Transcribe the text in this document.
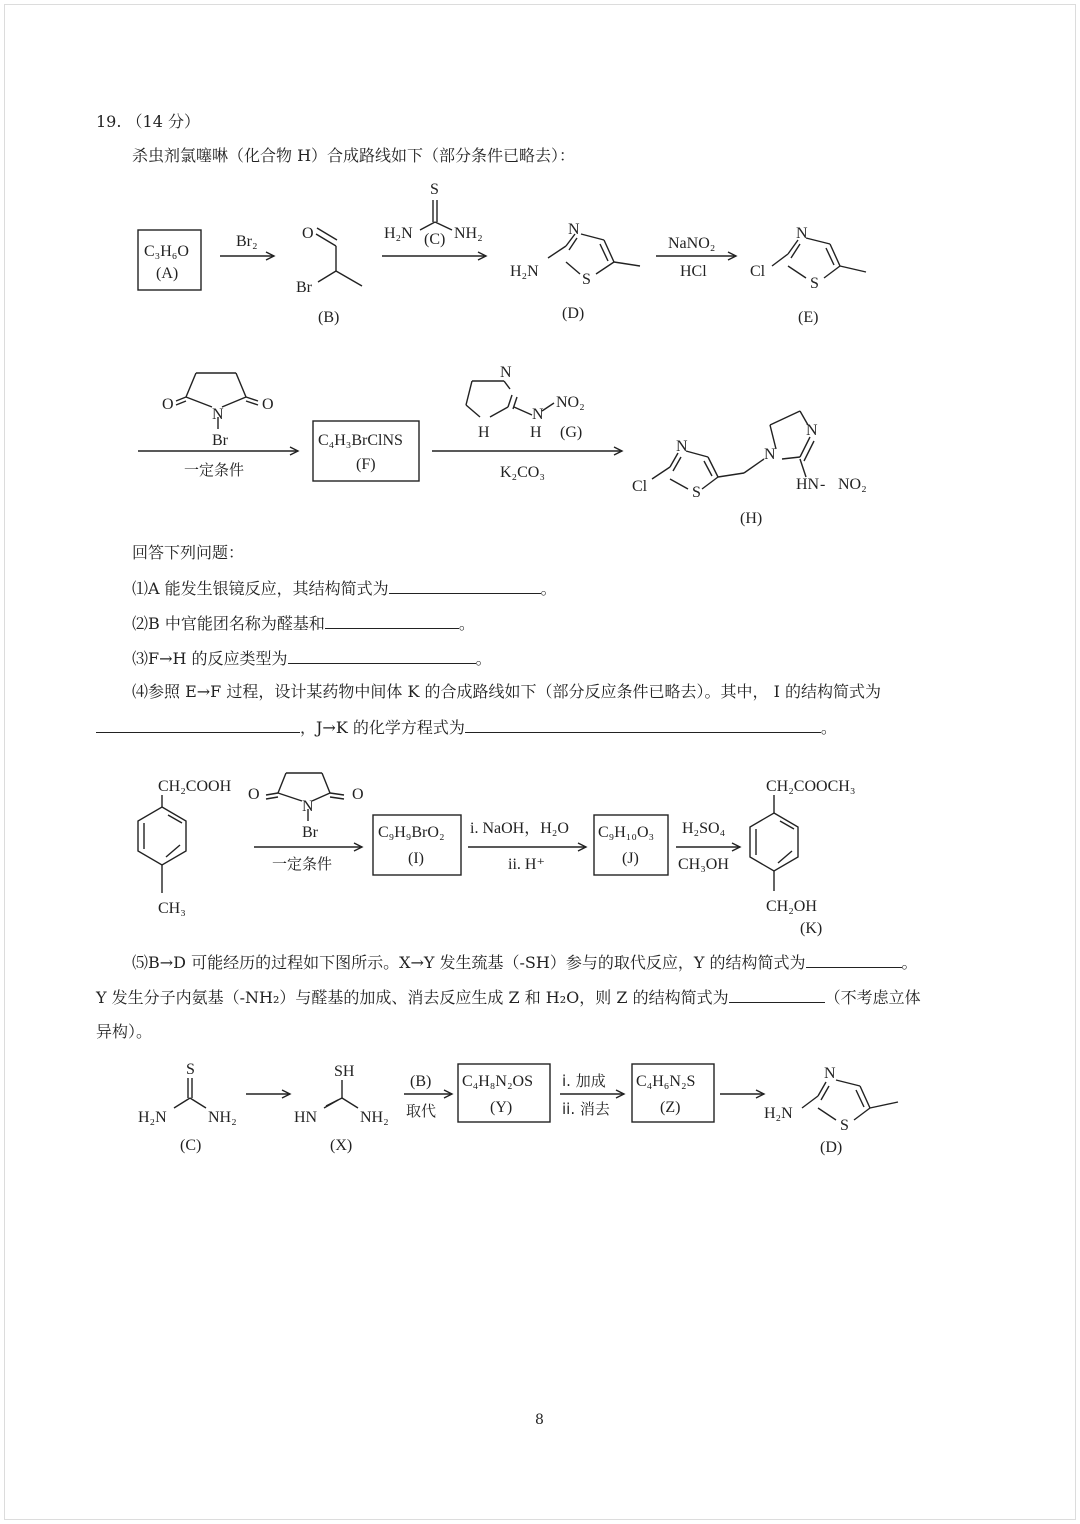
19. （14 分）
杀虫剂氯噻啉（化合物 H）合成路线如下（部分条件已略去）：
C₃H₆O
(A)
Br₂	O
Br
(B)
S
H₂N	NH₂
(C)
N
S
H₂N
(D)
NaNO₂
HCl
N
S
Cl
(E)
O	O
N
Br
一定条件
C₄H₃BrClNS
(F)
N
H	H
N
NO₂
(G)
K₂CO₃
N
S
Cl
N
N
HN NO₂
(H)
-
回答下列问题：
⑴A 能发生银镜反应，其结构简式为	。
⑵B 中官能团名称为醛基和	。
⑶F→H 的反应类型为	。
⑷参照 E→F 过程，设计某药物中间体 K 的合成路线如下（部分反应条件已略去）。其中， I 的结构简式为
，J→K 的化学方程式为	。
CH₂COOH
CH₃
O	O
N
Br
一定条件
C₉H₉BrO₂
(I)
i. NaOH，H₂O
ii. H⁺
C₉H₁₀O₃
(J)
H₂SO₄
CH₃OH
CH₂COOCH₃
CH₂OH
(K)
⑸B→D 可能经历的过程如下图所示。X→Y 发生巯基（-SH）参与的取代反应，Y 的结构简式为	。
Y 发生分子内氨基（-NH₂）与醛基的加成、消去反应生成 Z 和 H₂O，则 Z 的结构简式为	（不考虑立体
异构）。
S
H₂N	NH₂
(C)
SH
HN	NH₂
(X)
(B)
取代
C₄H₈N₂OS
(Y)
i. 加成
ii. 消去
C₄H₆N₂S
(Z)
N
S
H₂N
(D)
8
